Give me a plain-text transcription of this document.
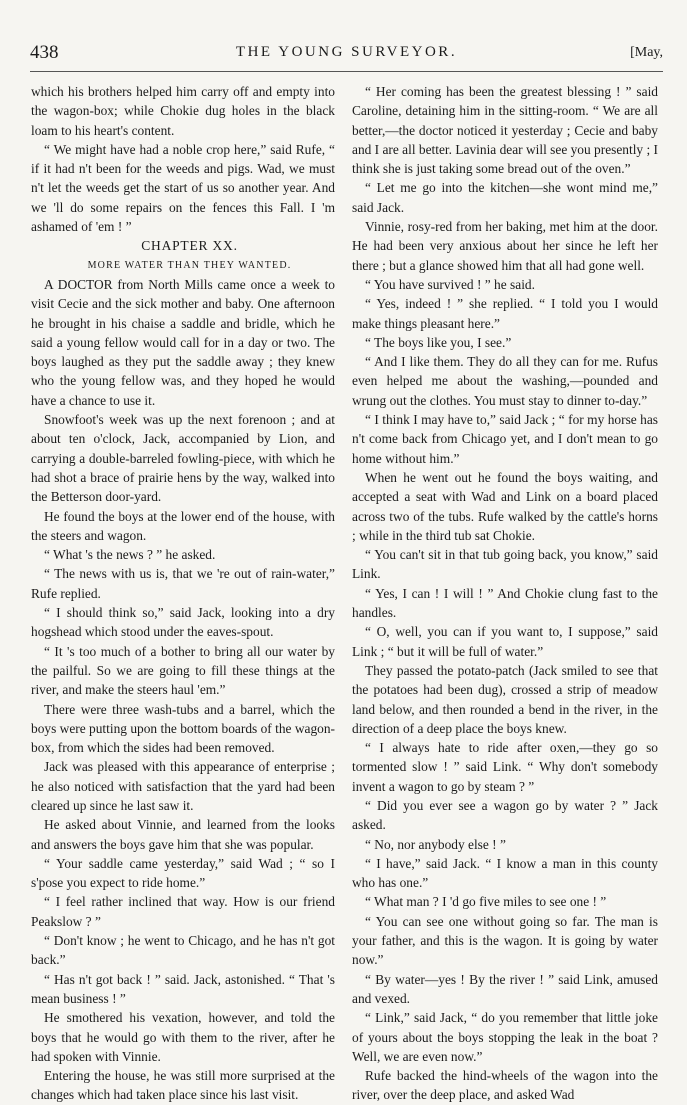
438	THE YOUNG SURVEYOR.	[May,

which his brothers helped him carry off and empty into the wagon-box; while Chokie dug holes in the black loam to his heart's content.

“ We might have had a noble crop here,” said Rufe, “ if it had n't been for the weeds and pigs. Wad, we must n't let the weeds get the start of us so another year. And we 'll do some repairs on the fences this Fall. I 'm ashamed of 'em ! ”

CHAPTER XX.

MORE WATER THAN THEY WANTED.

A DOCTOR from North Mills came once a week to visit Cecie and the sick mother and baby. One afternoon he brought in his chaise a saddle and bridle, which he said a young fellow would call for in a day or two. The boys laughed as they put the saddle away ; they knew who the young fellow was, and they hoped he would have a chance to use it.

Snowfoot's week was up the next forenoon ; and at about ten o'clock, Jack, accompanied by Lion, and carrying a double-barreled fowling-piece, with which he had shot a brace of prairie hens by the way, walked into the Betterson door-yard.

He found the boys at the lower end of the house, with the steers and wagon.

“ What 's the news ? ” he asked.

“ The news with us is, that we 're out of rain-water,” Rufe replied.

“ I should think so,” said Jack, looking into a dry hogshead which stood under the eaves-spout.

“ It 's too much of a bother to bring all our water by the pailful. So we are going to fill these things at the river, and make the steers haul 'em.”

There were three wash-tubs and a barrel, which the boys were putting upon the bottom boards of the wagon-box, from which the sides had been removed.

Jack was pleased with this appearance of enterprise ; he also noticed with satisfaction that the yard had been cleared up since he last saw it.

He asked about Vinnie, and learned from the looks and answers the boys gave him that she was popular.

“ Your saddle came yesterday,” said Wad ; “ so I s'pose you expect to ride home.”

“ I feel rather inclined that way. How is our friend Peakslow ? ”

“ Don't know ; he went to Chicago, and he has n't got back.”

“ Has n't got back ! ” said. Jack, astonished. “ That 's mean business ! ”

He smothered his vexation, however, and told the boys that he would go with them to the river, after he had spoken with Vinnie.

Entering the house, he was still more surprised at the changes which had taken place since his last visit.

“ Her coming has been the greatest blessing ! ” said Caroline, detaining him in the sitting-room. “ We are all better,—the doctor noticed it yesterday ; Cecie and baby and I are all better. Lavinia dear will see you presently ; I think she is just taking some bread out of the oven.”

“ Let me go into the kitchen—she wont mind me,” said Jack.

Vinnie, rosy-red from her baking, met him at the door. He had been very anxious about her since he left her there ; but a glance showed him that all had gone well.

“ You have survived ! ” he said.

“ Yes, indeed ! ” she replied. “ I told you I would make things pleasant here.”

“ The boys like you, I see.”

“ And I like them. They do all they can for me. Rufus even helped me about the washing,—pounded and wrung out the clothes. You must stay to dinner to-day.”

“ I think I may have to,” said Jack ; “ for my horse has n't come back from Chicago yet, and I don't mean to go home without him.”

When he went out he found the boys waiting, and accepted a seat with Wad and Link on a board placed across two of the tubs. Rufe walked by the cattle's horns ; while in the third tub sat Chokie.

“ You can't sit in that tub going back, you know,” said Link.

“ Yes, I can ! I will ! ” And Chokie clung fast to the handles.

“ O, well, you can if you want to, I suppose,” said Link ; “ but it will be full of water.”

They passed the potato-patch (Jack smiled to see that the potatoes had been dug), crossed a strip of meadow land below, and then rounded a bend in the river, in the direction of a deep place the boys knew.

“ I always hate to ride after oxen,—they go so tormented slow ! ” said Link. “ Why don't somebody invent a wagon to go by steam ? ”

“ Did you ever see a wagon go by water ? ” Jack asked.

“ No, nor anybody else ! ”

“ I have,” said Jack. “ I know a man in this county who has one.”

“ What man ? I 'd go five miles to see one ! ”

“ You can see one without going so far. The man is your father, and this is the wagon. It is going by water now.”

“ By water—yes ! By the river ! ” said Link, amused and vexed.

“ Link,” said Jack, “ do you remember that little joke of yours about the boys stopping the leak in the boat ? Well, we are even now.”

Rufe backed the hind-wheels of the wagon into the river, over the deep place, and asked Wad
